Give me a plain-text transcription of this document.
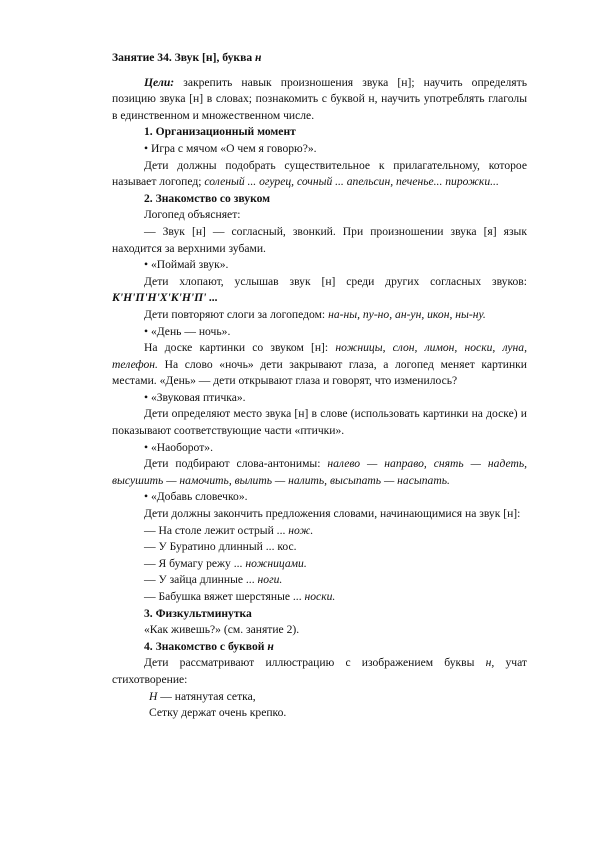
Занятие 34. Звук [н], буква н

Цели: закрепить навык произношения звука [н]; научить определять позицию звука [н] в словах; познакомить с буквой н, научить употреблять глаголы в единственном и множественном числе.

1. Организационный момент

• Игра с мячом «О чем я говорю?».

Дети должны подобрать существительное к прилагательному, которое называет логопед; соленый ... огурец, сочный ... апельсин, печенье... пирожки...

2. Знакомство со звуком

Логопед объясняет:

— Звук [н] — согласный, звонкий. При произношении звука [я] язык находится за верхними зубами.

• «Поймай звук».

Дети хлопают, услышав звук [н] среди других согласных звуков: К'Н'П'Н'Х'К'Н'П' ...

Дети повторяют слоги за логопедом: на-ны, пу-но, ан-ун, икон, ны-ну.

• «День — ночь».

На доске картинки со звуком [н]: ножницы, слон, лимон, носки, луна, телефон. На слово «ночь» дети закрывают глаза, а логопед меняет картинки местами. «День» — дети открывают глаза и говорят, что изменилось?

• «Звуковая птичка».

Дети определяют место звука [н] в слове (использовать картинки на доске) и показывают соответствующие части «птички».

• «Наоборот».

Дети подбирают слова-антонимы: налево — направо, снять — надеть, высушить — намочить, вылить — налить, высыпать — насыпать.

• «Добавь словечко».

Дети должны закончить предложения словами, начинающимися на звук [н]:

— На столе лежит острый ... нож.

— У Буратино длинный ... кос.

— Я бумагу режу ... ножницами.

— У зайца длинные ... ноги.

— Бабушка вяжет шерстяные ... носки.

3. Физкультминутка

«Как живешь?» (см. занятие 2).

4. Знакомство с буквой н

Дети рассматривают иллюстрацию с изображением буквы н, учат стихотворение:

Н — натянутая сетка,

Сетку держат очень крепко.
